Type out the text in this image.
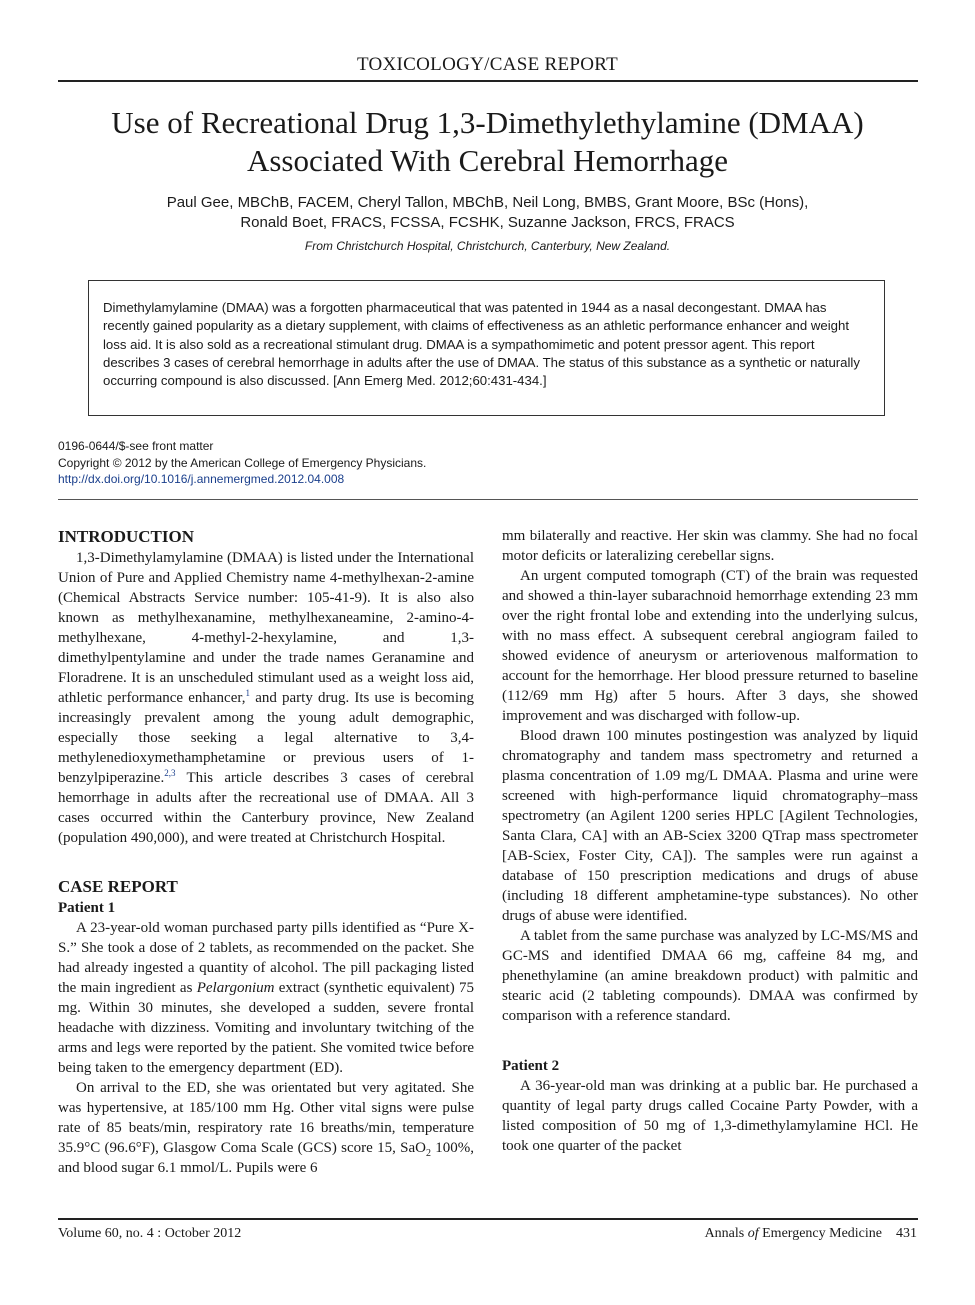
TOXICOLOGY/CASE REPORT
Use of Recreational Drug 1,3-Dimethylethylamine (DMAA)
Associated With Cerebral Hemorrhage
Paul Gee, MBChB, FACEM, Cheryl Tallon, MBChB, Neil Long, BMBS, Grant Moore, BSc (Hons),
Ronald Boet, FRACS, FCSSA, FCSHK, Suzanne Jackson, FRCS, FRACS
From Christchurch Hospital, Christchurch, Canterbury, New Zealand.
Dimethylamylamine (DMAA) was a forgotten pharmaceutical that was patented in 1944 as a nasal decongestant. DMAA has recently gained popularity as a dietary supplement, with claims of effectiveness as an athletic performance enhancer and weight loss aid. It is also sold as a recreational stimulant drug. DMAA is a sympathomimetic and potent pressor agent. This report describes 3 cases of cerebral hemorrhage in adults after the use of DMAA. The status of this substance as a synthetic or naturally occurring compound is also discussed. [Ann Emerg Med. 2012;60:431-434.]
0196-0644/$-see front matter
Copyright © 2012 by the American College of Emergency Physicians.
http://dx.doi.org/10.1016/j.annemergmed.2012.04.008
INTRODUCTION

1,3-Dimethylamylamine (DMAA) is listed under the International Union of Pure and Applied Chemistry name 4-methylhexan-2-amine (Chemical Abstracts Service number: 105-41-9). It is also also known as methylhexanamine, methylhexaneamine, 2-amino-4-methylhexane, 4-methyl-2-hexylamine, and 1,3-dimethylpentylamine and under the trade names Geranamine and Floradrene. It is an unscheduled stimulant used as a weight loss aid, athletic performance enhancer,$^1$ and party drug. Its use is becoming increasingly prevalent among the young adult demographic, especially those seeking a legal alternative to 3,4-methylenedioxymethamphetamine or previous users of 1-benzylpiperazine.$^{2,3}$ This article describes 3 cases of cerebral hemorrhage in adults after the recreational use of DMAA. All 3 cases occurred within the Canterbury province, New Zealand (population 490,000), and were treated at Christchurch Hospital.

CASE REPORT
Patient 1

A 23-year-old woman purchased party pills identified as “Pure X-S.” She took a dose of 2 tablets, as recommended on the packet. She had already ingested a quantity of alcohol. The pill packaging listed the main ingredient as Pelargonium extract (synthetic equivalent) 75 mg. Within 30 minutes, she developed a sudden, severe frontal headache with dizziness. Vomiting and involuntary twitching of the arms and legs were reported by the patient. She vomited twice before being taken to the emergency department (ED).

On arrival to the ED, she was orientated but very agitated. She was hypertensive, at 185/100 mm Hg. Other vital signs were pulse rate of 85 beats/min, respiratory rate 16 breaths/min, temperature 35.9°C (96.6°F), Glasgow Coma Scale (GCS) score 15, SaO$_2$ 100%, and blood sugar 6.1 mmol/L. Pupils were 6

mm bilaterally and reactive. Her skin was clammy. She had no focal motor deficits or lateralizing cerebellar signs.

An urgent computed tomograph (CT) of the brain was requested and showed a thin-layer subarachnoid hemorrhage extending 23 mm over the right frontal lobe and extending into the underlying sulcus, with no mass effect. A subsequent cerebral angiogram failed to showed evidence of aneurysm or arteriovenous malformation to account for the hemorrhage. Her blood pressure returned to baseline (112/69 mm Hg) after 5 hours. After 3 days, she showed improvement and was discharged with follow-up.

Blood drawn 100 minutes postingestion was analyzed by liquid chromatography and tandem mass spectrometry and returned a plasma concentration of 1.09 mg/L DMAA. Plasma and urine were screened with high-performance liquid chromatography–mass spectrometry (an Agilent 1200 series HPLC [Agilent Technologies, Santa Clara, CA] with an AB-Sciex 3200 QTrap mass spectrometer [AB-Sciex, Foster City, CA]). The samples were run against a database of 150 prescription medications and drugs of abuse (including 18 different amphetamine-type substances). No other drugs of abuse were identified.

A tablet from the same purchase was analyzed by LC-MS/MS and GC-MS and identified DMAA 66 mg, caffeine 84 mg, and phenethylamine (an amine breakdown product) with palmitic and stearic acid (2 tableting compounds). DMAA was confirmed by comparison with a reference standard.

Patient 2

A 36-year-old man was drinking at a public bar. He purchased a quantity of legal party drugs called Cocaine Party Powder, with a listed composition of 50 mg of 1,3-dimethylamylamine HCl. He took one quarter of the packet

Volume 60, no. 4 : October 2012	Annals of Emergency Medicine 431
